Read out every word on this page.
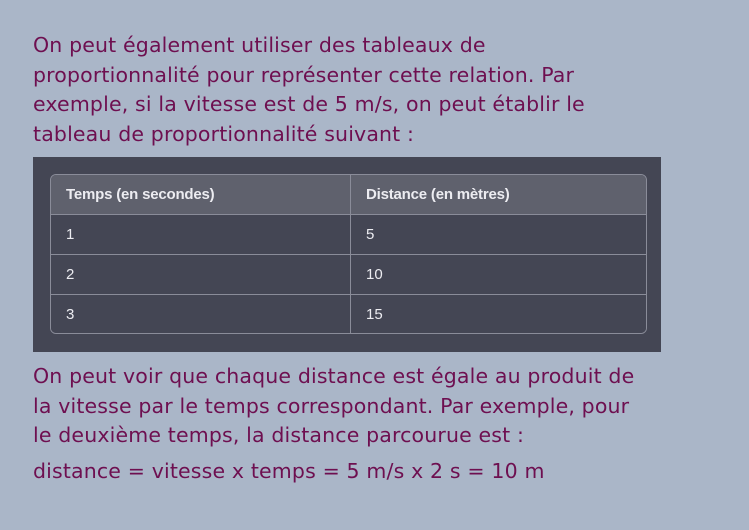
On peut également utiliser des tableaux de
proportionnalité pour représenter cette relation. Par
exemple, si la vitesse est de 5 m/s, on peut établir le
tableau de proportionnalité suivant :
Temps (en secondes)	Distance (en mètres)
1	5
2	10
3	15
On peut voir que chaque distance est égale au produit de
la vitesse par le temps correspondant. Par exemple, pour
le deuxième temps, la distance parcourue est :
distance = vitesse x temps = 5 m/s x 2 s = 10 m
